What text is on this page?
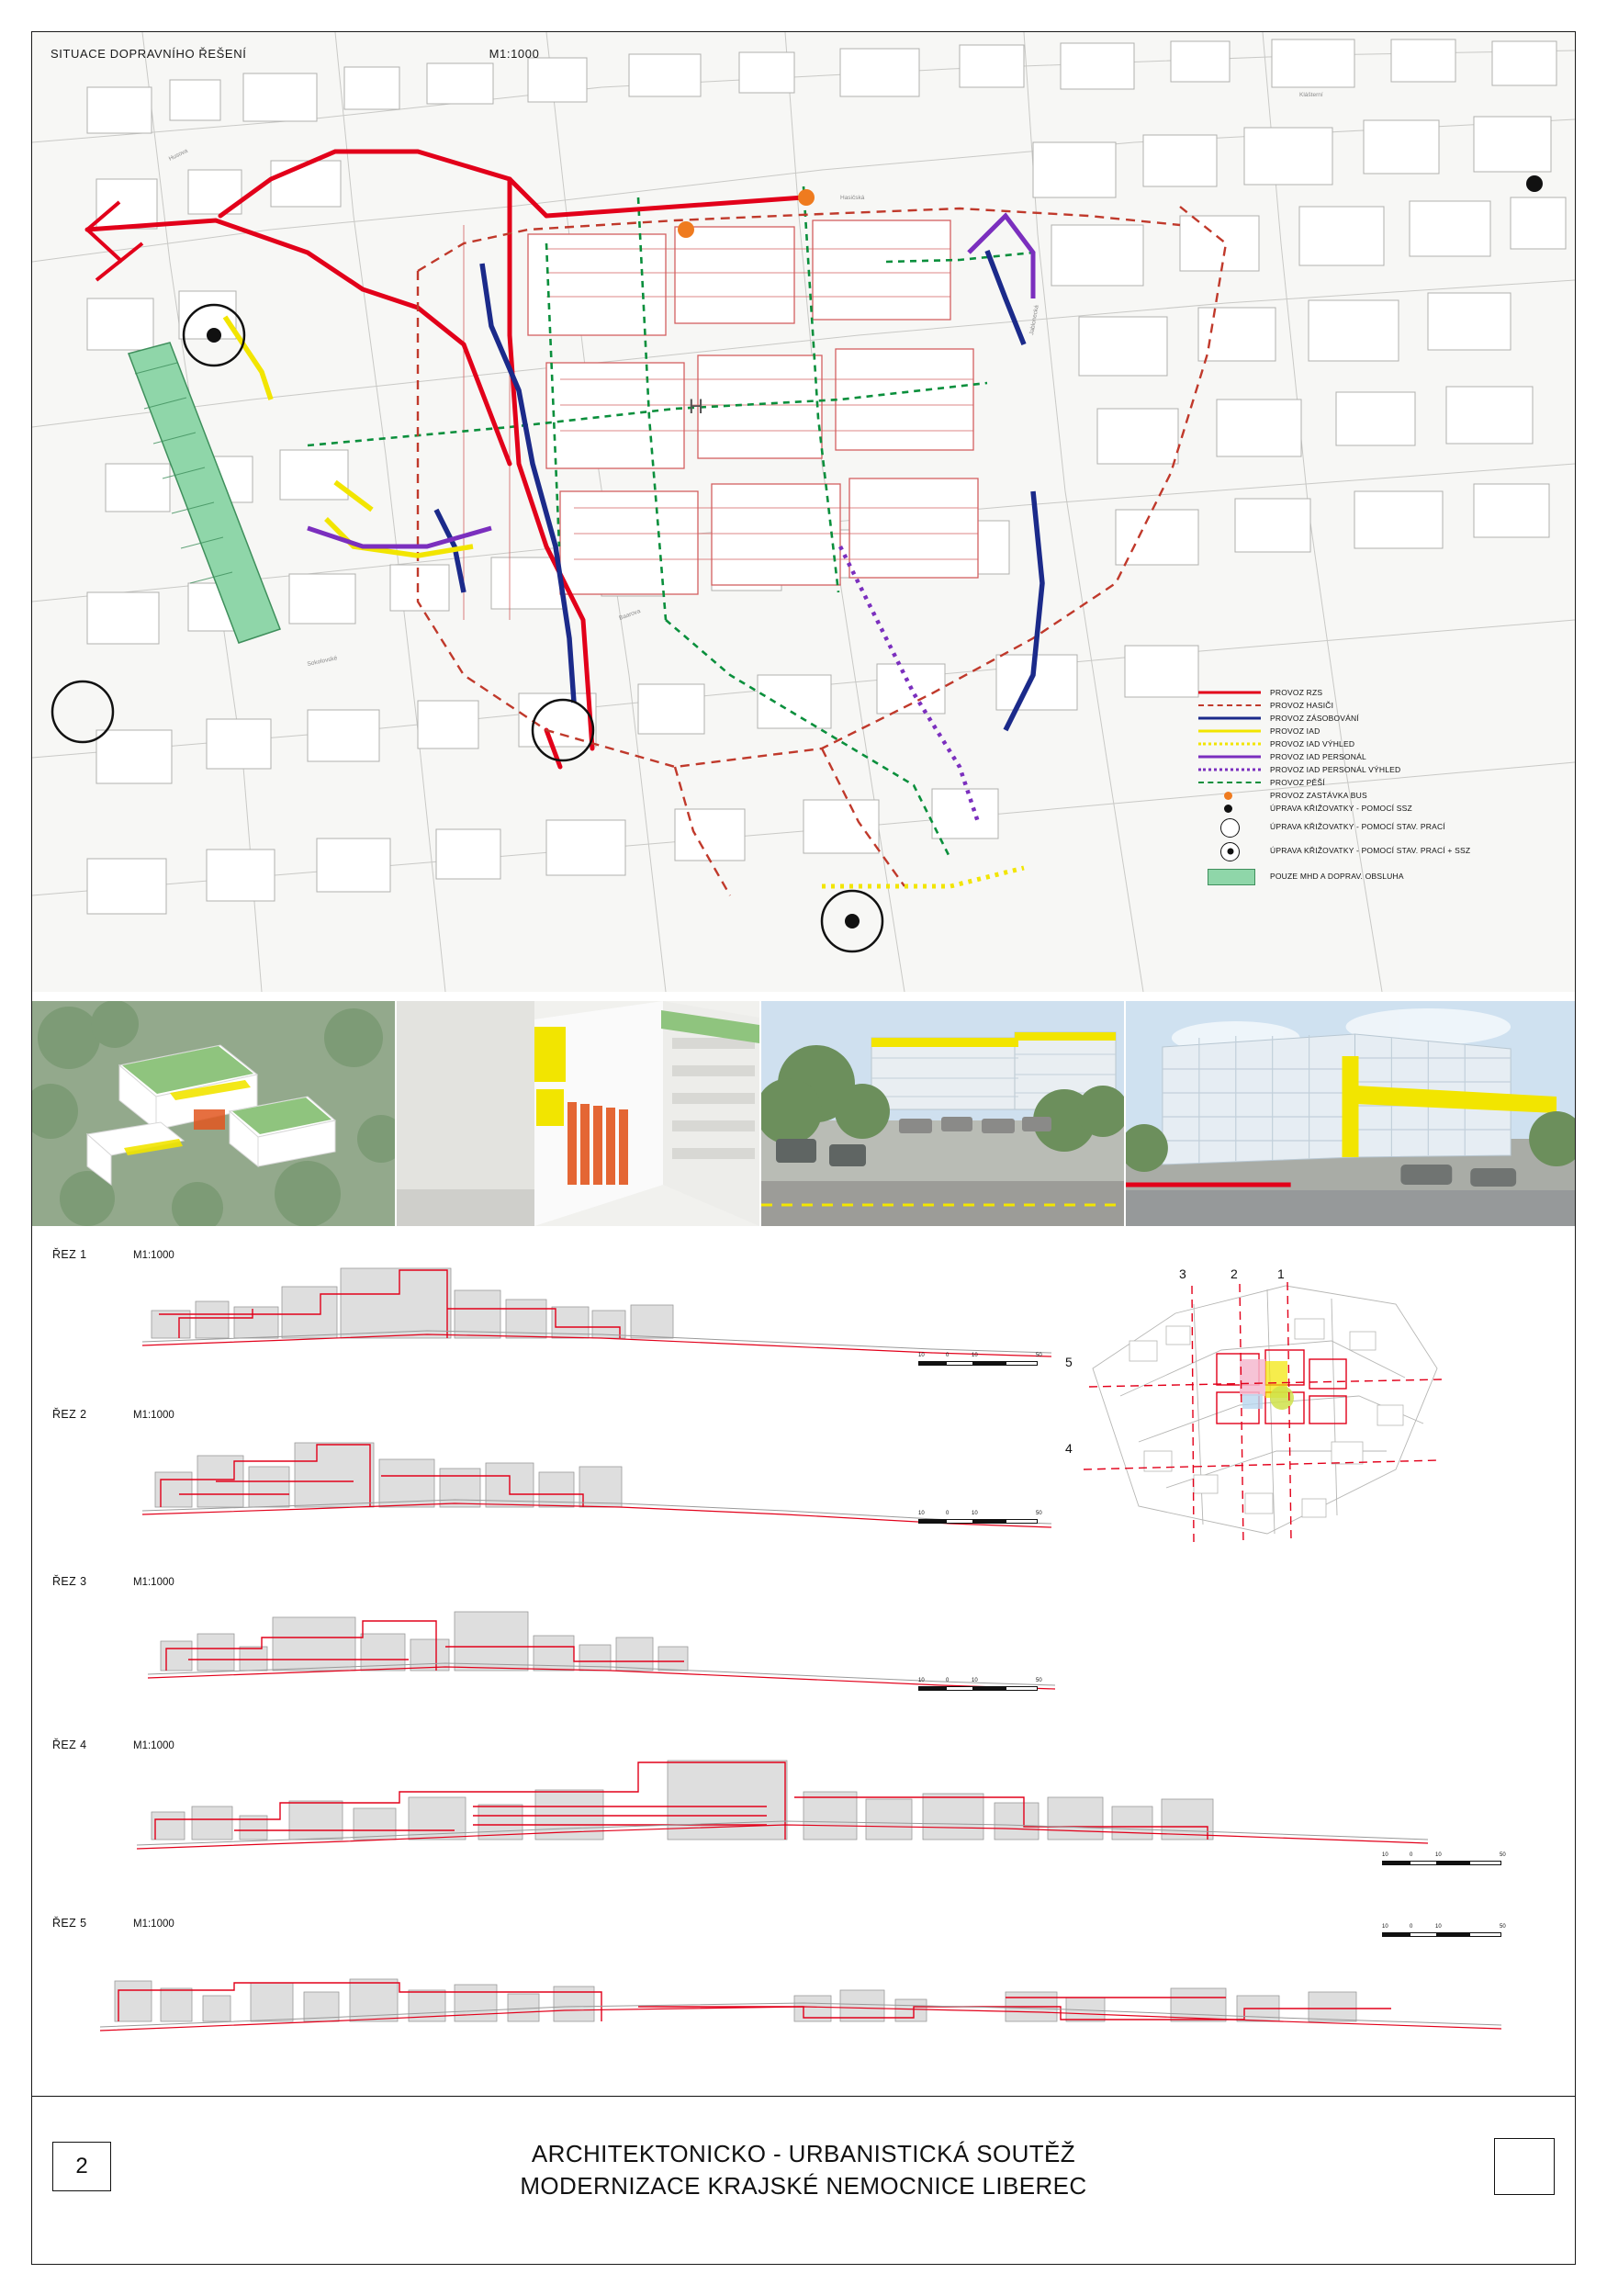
H
Husova
Sokolovské
Hasičská
Jablonecká
Klášterní
Baarova
SITUACE DOPRAVNÍHO ŘEŠENÍ	M1:1000
PROVOZ RZS
PROVOZ HASIČI
PROVOZ ZÁSOBOVÁNÍ
PROVOZ IAD
PROVOZ IAD VÝHLED
PROVOZ IAD PERSONÁL
PROVOZ IAD PERSONÁL VÝHLED
PROVOZ PĚŠÍ
PROVOZ ZASTÁVKA BUS
ÚPRAVA KŘIŽOVATKY - POMOCÍ SSZ
ÚPRAVA KŘIŽOVATKY - POMOCÍ STAV. PRACÍ
ÚPRAVA KŘIŽOVATKY - POMOCÍ STAV. PRACÍ + SSZ
POUZE MHD A DOPRAV. OBSLUHA
ŘEZ 1	M1:1000
10	0	10	50
ŘEZ 2	M1:1000
10	0	10	50
ŘEZ 3	M1:1000
10	0	10	50
ŘEZ 4	M1:1000
10	0	10	50
ŘEZ 5	M1:1000	10	0	10	50
1
2
3
4
5
2	ARCHITEKTONICKO - URBANISTICKÁ SOUTĚŽ
MODERNIZACE KRAJSKÉ NEMOCNICE LIBEREC
